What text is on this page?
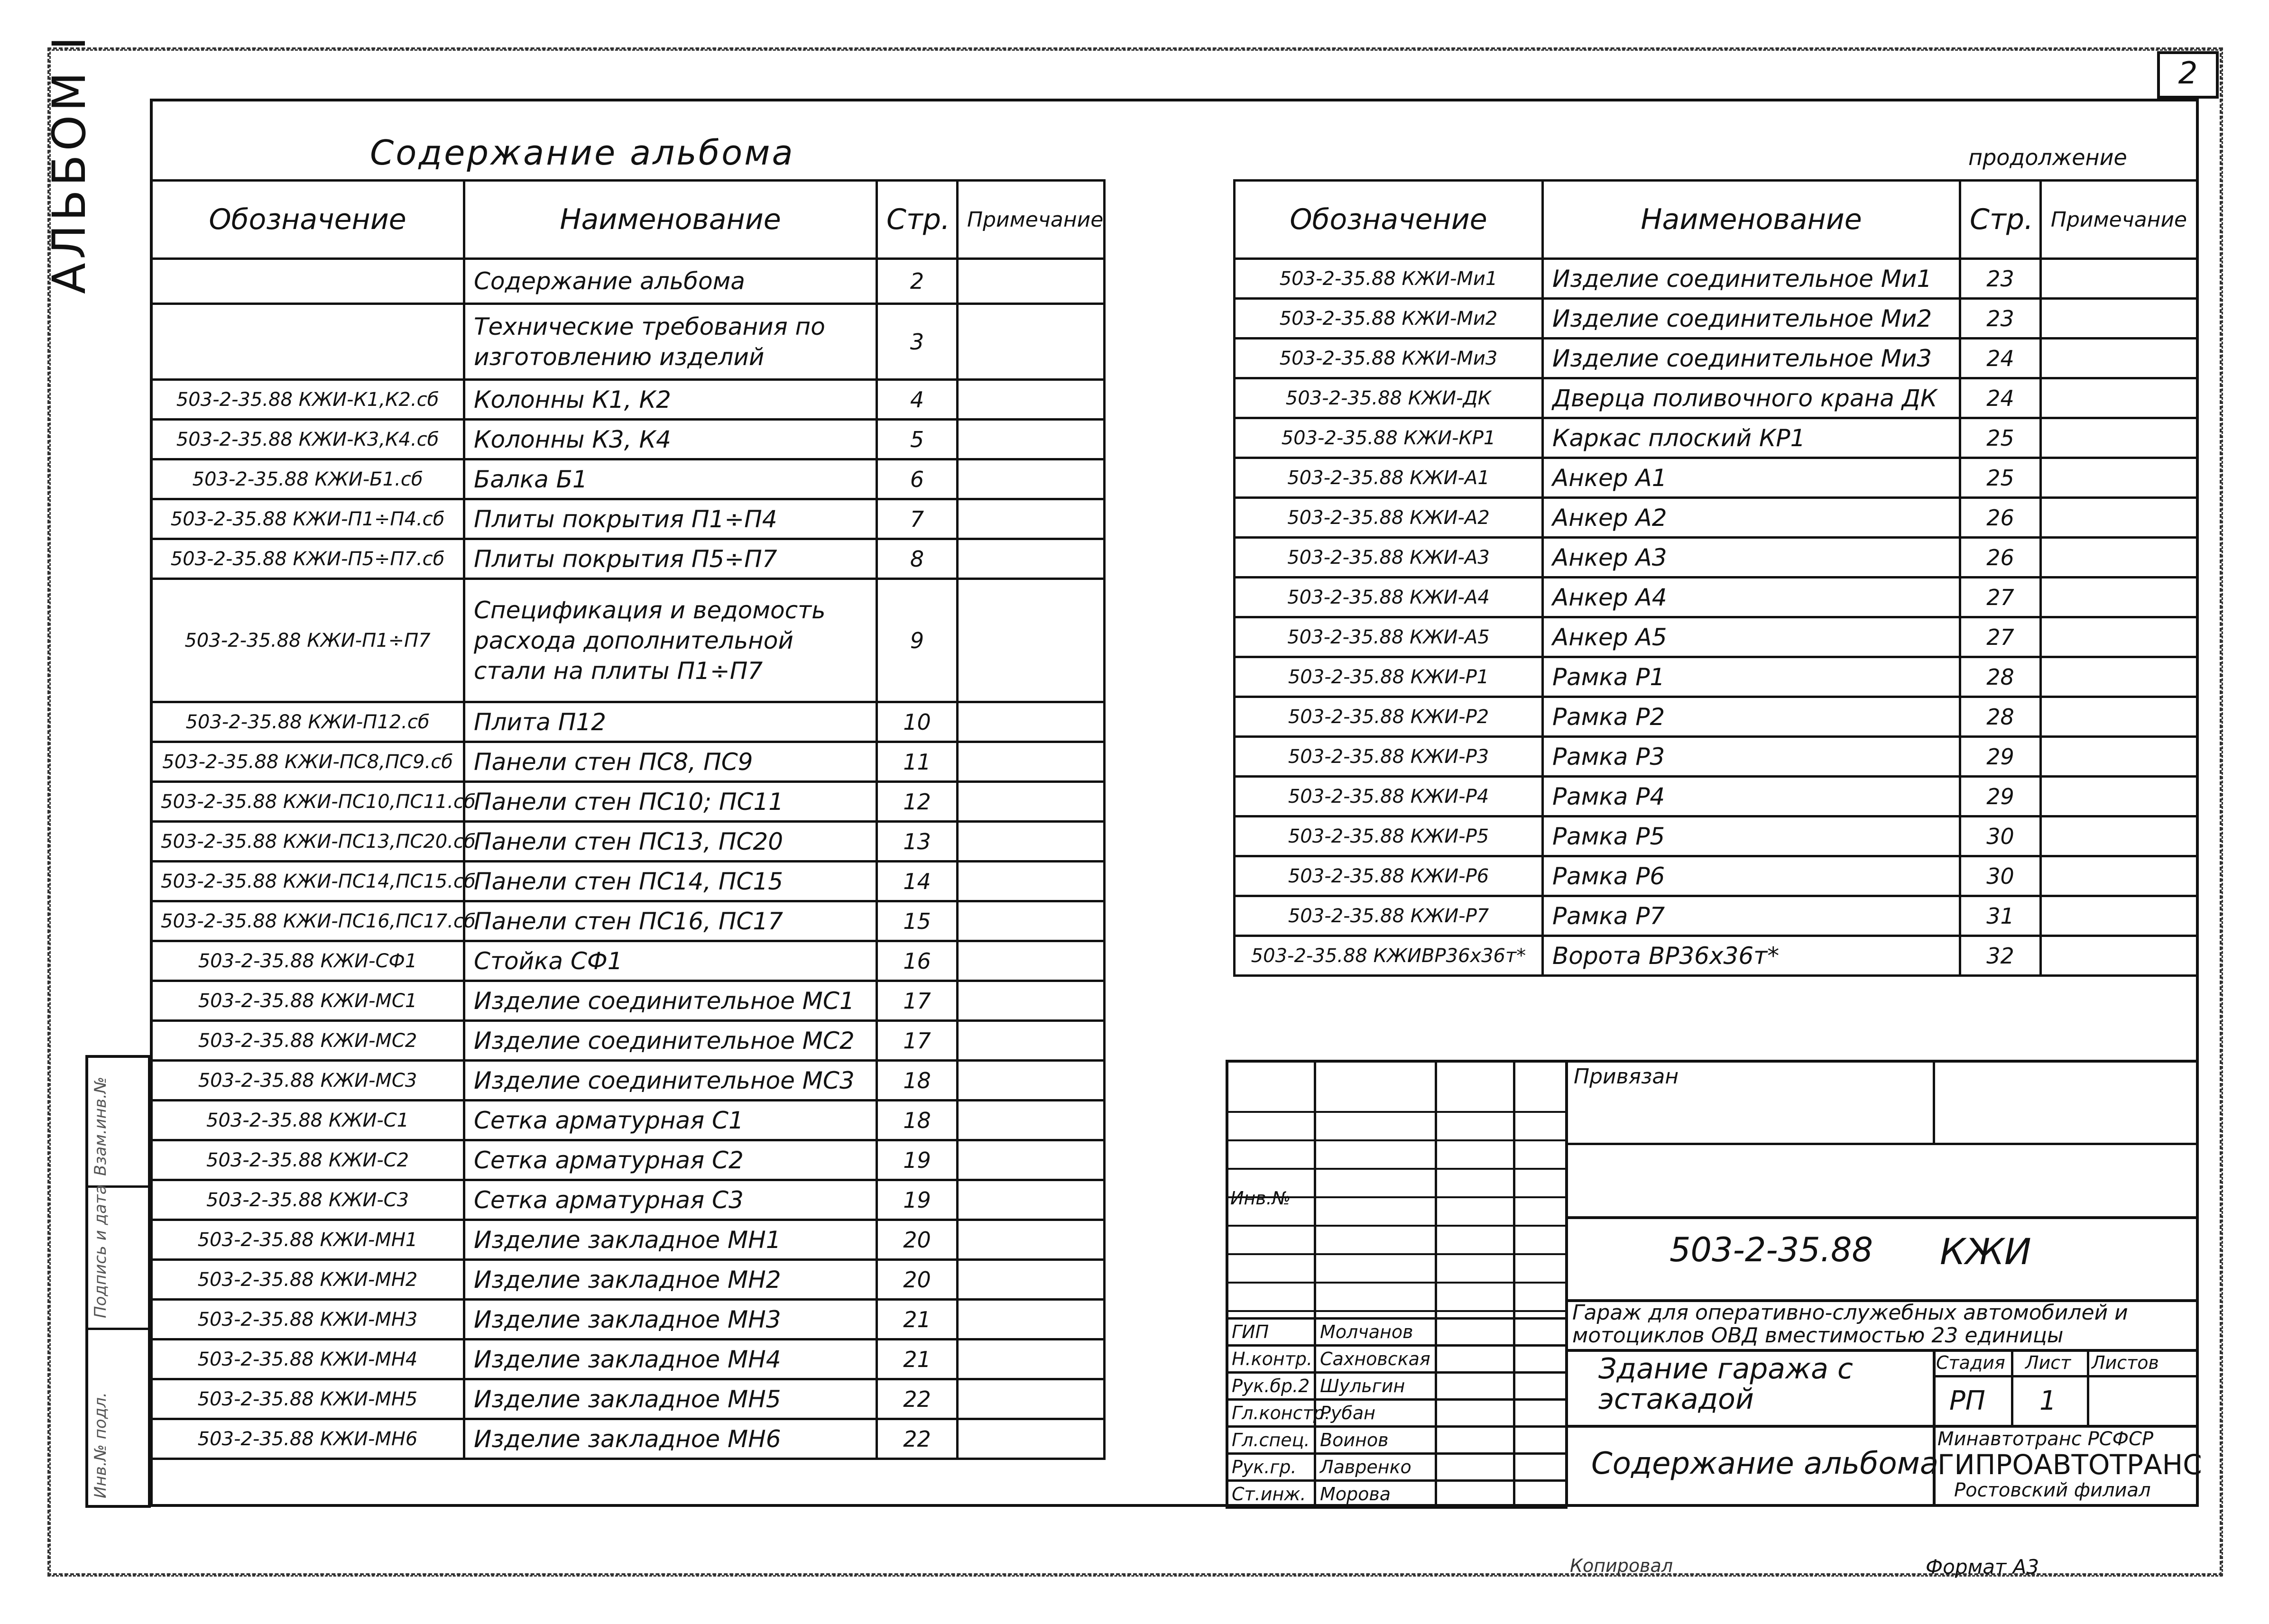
2
АЛЬБОМ I
Инв.№ подл.
Подпись и дата
Взам.инв.№
Содержание альбома	продолжение
Обозначение	Наименование	Стр.	Примечание
	Содержание альбома	2	
	Технические требования по изготовлению изделий	3	
503-2-35.88 КЖИ-К1,К2.сб	Колонны К1, К2	4	
503-2-35.88 КЖИ-К3,К4.сб	Колонны К3, К4	5	
503-2-35.88 КЖИ-Б1.сб	Балка Б1	6	
503-2-35.88 КЖИ-П1÷П4.сб	Плиты покрытия П1÷П4	7	
503-2-35.88 КЖИ-П5÷П7.сб	Плиты покрытия П5÷П7	8	
503-2-35.88 КЖИ-П1÷П7	Спецификация и ведомость расхода дополнительной стали на плиты П1÷П7	9	
503-2-35.88 КЖИ-П12.сб	Плита П12	10	
503-2-35.88 КЖИ-ПС8,ПС9.сб	Панели стен ПС8, ПС9	11	
503-2-35.88 КЖИ-ПС10,ПС11.сб	Панели стен ПС10; ПС11	12	
503-2-35.88 КЖИ-ПС13,ПС20.сб	Панели стен ПС13, ПС20	13	
503-2-35.88 КЖИ-ПС14,ПС15.сб	Панели стен ПС14, ПС15	14	
503-2-35.88 КЖИ-ПС16,ПС17.сб	Панели стен ПС16, ПС17	15	
503-2-35.88 КЖИ-СФ1	Стойка СФ1	16	
503-2-35.88 КЖИ-МС1	Изделие соединительное МС1	17	
503-2-35.88 КЖИ-МС2	Изделие соединительное МС2	17	
503-2-35.88 КЖИ-МС3	Изделие соединительное МС3	18	
503-2-35.88 КЖИ-С1	Сетка арматурная С1	18	
503-2-35.88 КЖИ-С2	Сетка арматурная С2	19	
503-2-35.88 КЖИ-С3	Сетка арматурная С3	19	
503-2-35.88 КЖИ-МН1	Изделие закладное МН1	20	
503-2-35.88 КЖИ-МН2	Изделие закладное МН2	20	
503-2-35.88 КЖИ-МН3	Изделие закладное МН3	21	
503-2-35.88 КЖИ-МН4	Изделие закладное МН4	21	
503-2-35.88 КЖИ-МН5	Изделие закладное МН5	22	
503-2-35.88 КЖИ-МН6	Изделие закладное МН6	22	
Обозначение	Наименование	Стр.	Примечание
503-2-35.88 КЖИ-Ми1	Изделие соединительное Ми1	23	
503-2-35.88 КЖИ-Ми2	Изделие соединительное Ми2	23	
503-2-35.88 КЖИ-Ми3	Изделие соединительное Ми3	24	
503-2-35.88 КЖИ-ДК	Дверца поливочного крана ДК	24	
503-2-35.88 КЖИ-КР1	Каркас плоский КР1	25	
503-2-35.88 КЖИ-А1	Анкер А1	25	
503-2-35.88 КЖИ-А2	Анкер А2	26	
503-2-35.88 КЖИ-А3	Анкер А3	26	
503-2-35.88 КЖИ-А4	Анкер А4	27	
503-2-35.88 КЖИ-А5	Анкер А5	27	
503-2-35.88 КЖИ-Р1	Рамка Р1	28	
503-2-35.88 КЖИ-Р2	Рамка Р2	28	
503-2-35.88 КЖИ-Р3	Рамка Р3	29	
503-2-35.88 КЖИ-Р4	Рамка Р4	29	
503-2-35.88 КЖИ-Р5	Рамка Р5	30	
503-2-35.88 КЖИ-Р6	Рамка Р6	30	
503-2-35.88 КЖИ-Р7	Рамка Р7	31	
503-2-35.88 КЖИВР36x36т*	Ворота ВР36x36т*	32	
Инв.№
ГИП	Молчанов		
Н.контр.	Сахновская		
Рук.бр.2	Шульгин		
Гл.констр.	Рубан		
Гл.спец.	Воинов		
Рук.гр.	Лавренко		
Ст.инж.	Морова		
Привязан
503-2-35.88 КЖИ
Гараж для оперативно-служебных автомобилей и мотоциклов ОВД вместимостью 23 единицы
Здание гаража с эстакадой
Стадия Лист Листов
РП 1
Содержание альбома
Минавтотранс РСФСР
ГИПРОАВТОТРАНС
Ростовский филиал
Копировал	Формат А3
